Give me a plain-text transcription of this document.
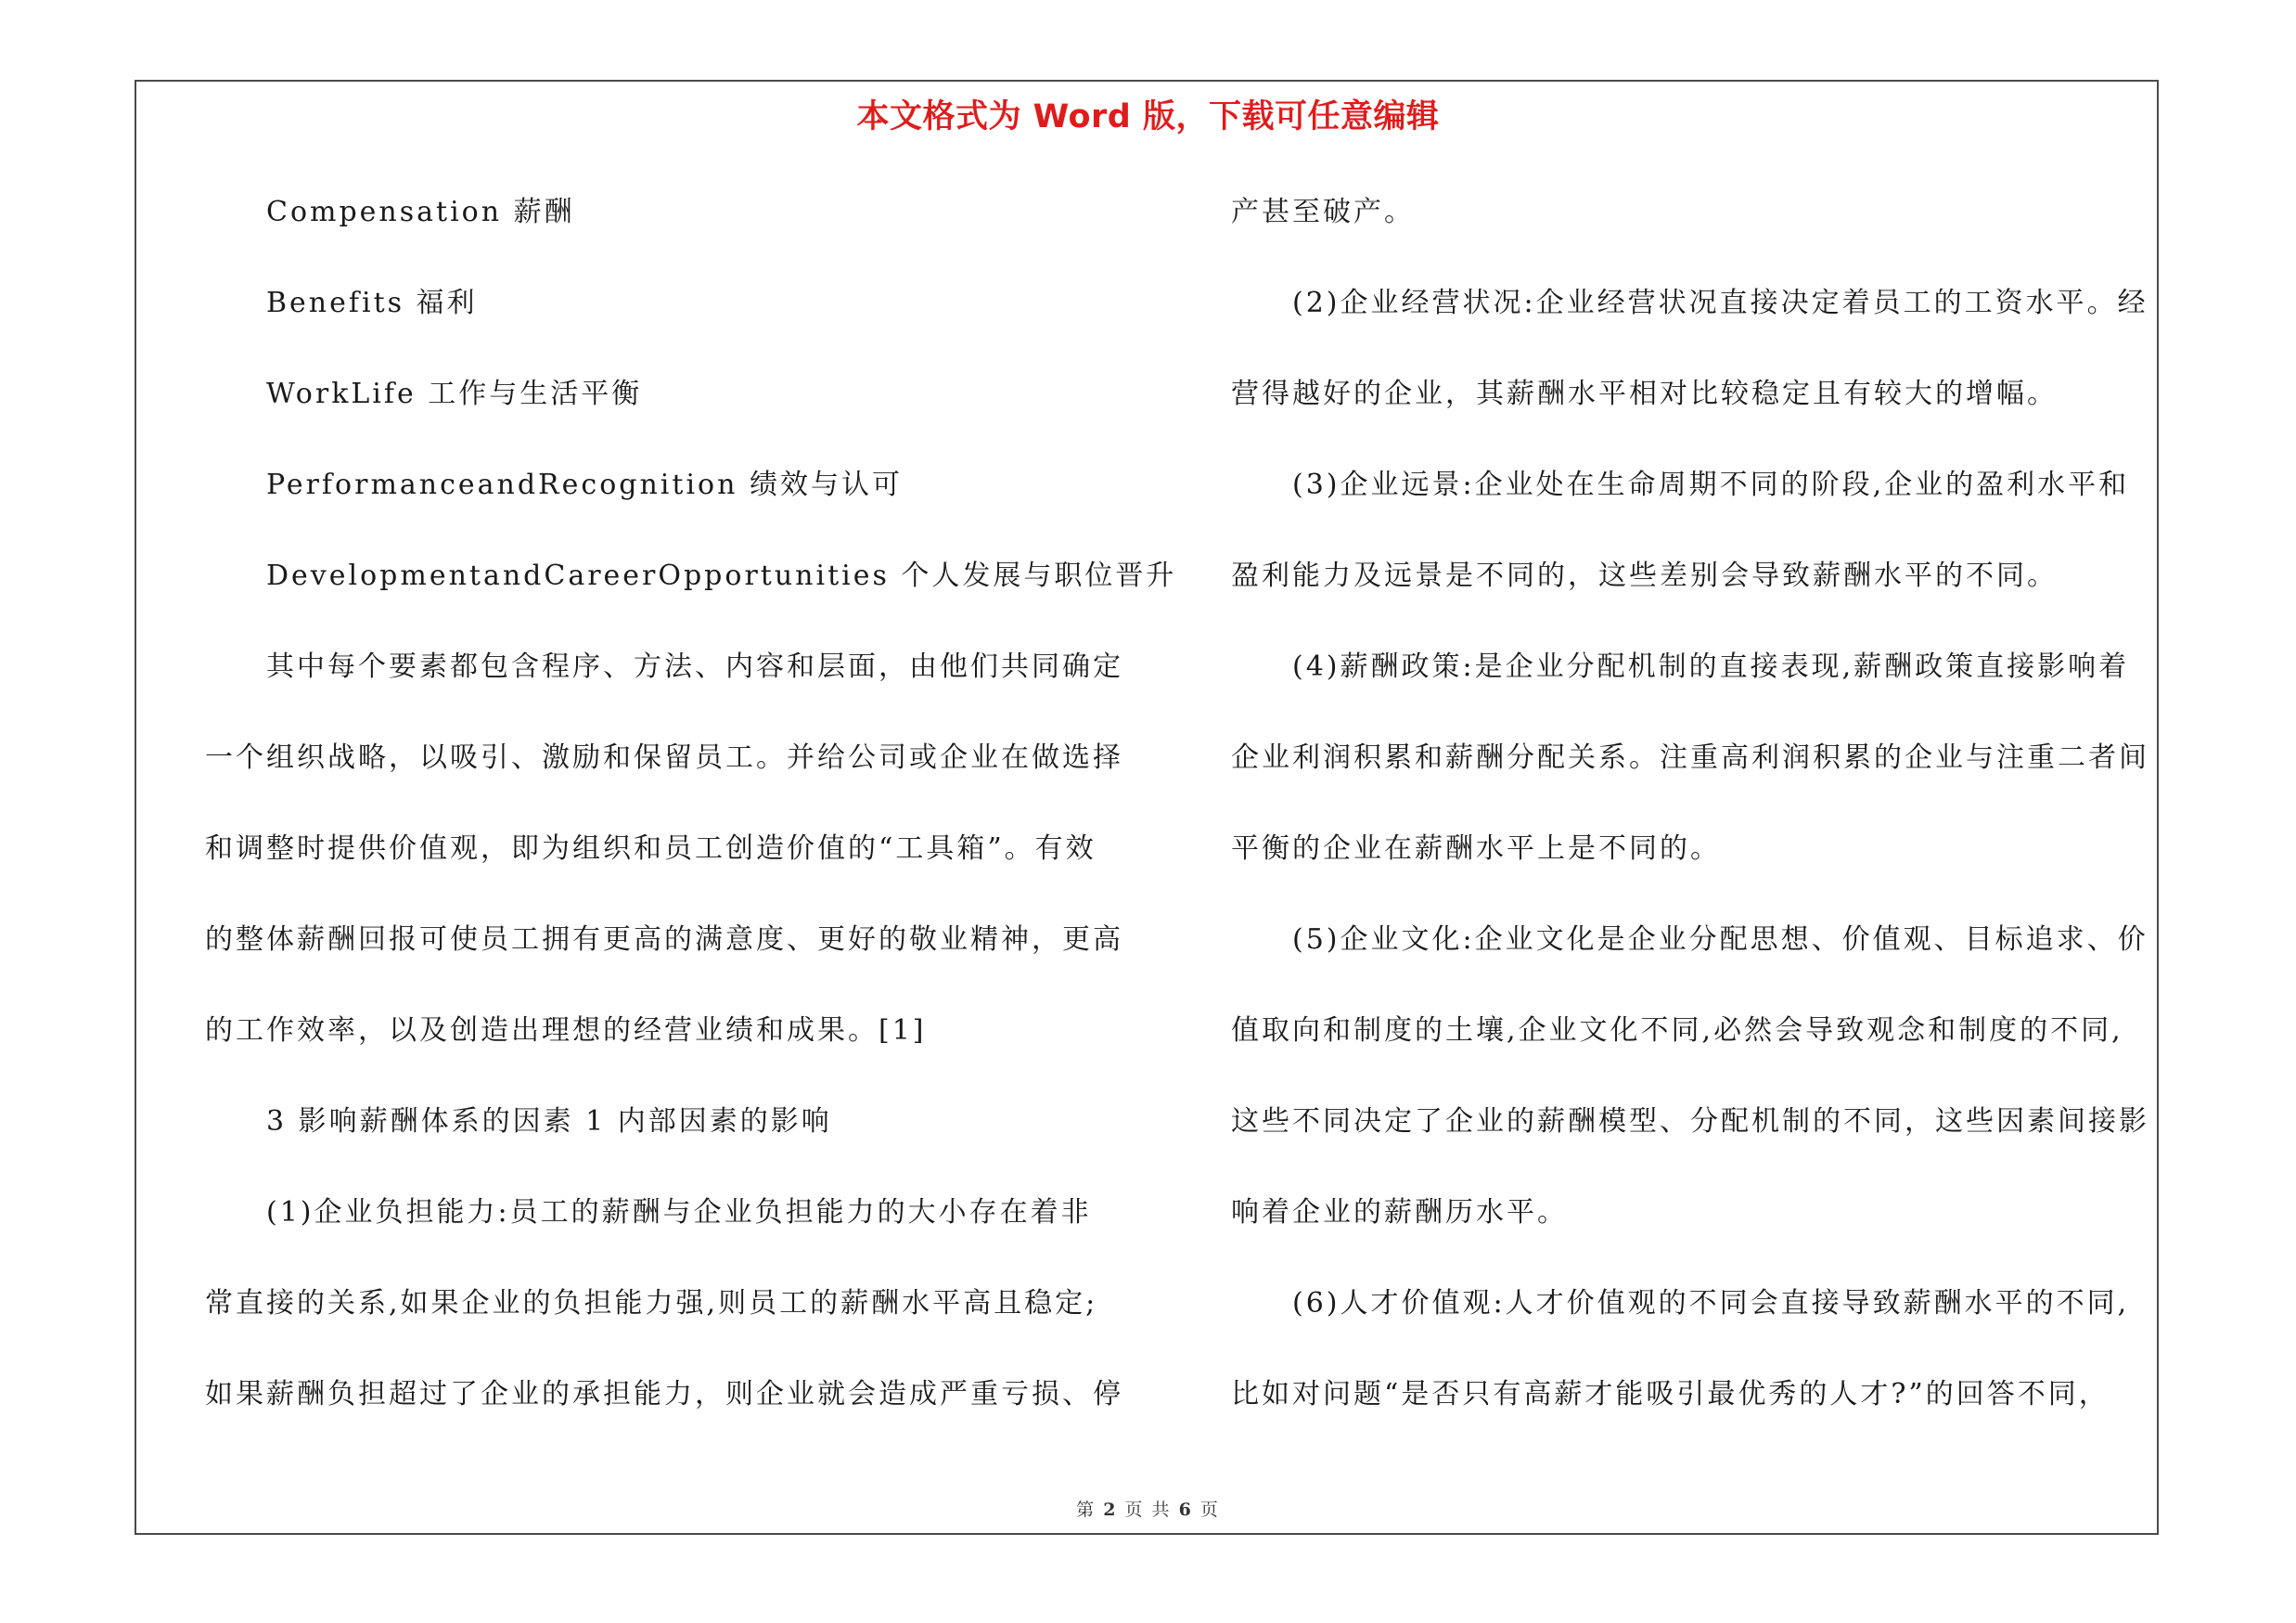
本文格式为 Word 版，下载可任意编辑
Compensation 薪酬
Benefits 福利
WorkLife 工作与生活平衡
PerformanceandRecognition 绩效与认可
DevelopmentandCareerOpportunities 个人发展与职位晋升
其中每个要素都包含程序、方法、内容和层面，由他们共同确定
一个组织战略，以吸引、激励和保留员工。并给公司或企业在做选择
和调整时提供价值观，即为组织和员工创造价值的“工具箱”。有效
的整体薪酬回报可使员工拥有更高的满意度、更好的敬业精神，更高
的工作效率，以及创造出理想的经营业绩和成果。[1]
3 影响薪酬体系的因素 1 内部因素的影响
(1)企业负担能力:员工的薪酬与企业负担能力的大小存在着非
常直接的关系,如果企业的负担能力强,则员工的薪酬水平高且稳定;
如果薪酬负担超过了企业的承担能力，则企业就会造成严重亏损、停
产甚至破产。
(2)企业经营状况:企业经营状况直接决定着员工的工资水平。经
营得越好的企业，其薪酬水平相对比较稳定且有较大的增幅。
(3)企业远景:企业处在生命周期不同的阶段,企业的盈利水平和
盈利能力及远景是不同的，这些差别会导致薪酬水平的不同。
(4)薪酬政策:是企业分配机制的直接表现,薪酬政策直接影响着
企业利润积累和薪酬分配关系。注重高利润积累的企业与注重二者间
平衡的企业在薪酬水平上是不同的。
(5)企业文化:企业文化是企业分配思想、价值观、目标追求、价
值取向和制度的土壤,企业文化不同,必然会导致观念和制度的不同,
这些不同决定了企业的薪酬模型、分配机制的不同，这些因素间接影
响着企业的薪酬历水平。
(6)人才价值观:人才价值观的不同会直接导致薪酬水平的不同,
比如对问题“是否只有高薪才能吸引最优秀的人才?”的回答不同，
第 2 页 共 6 页
